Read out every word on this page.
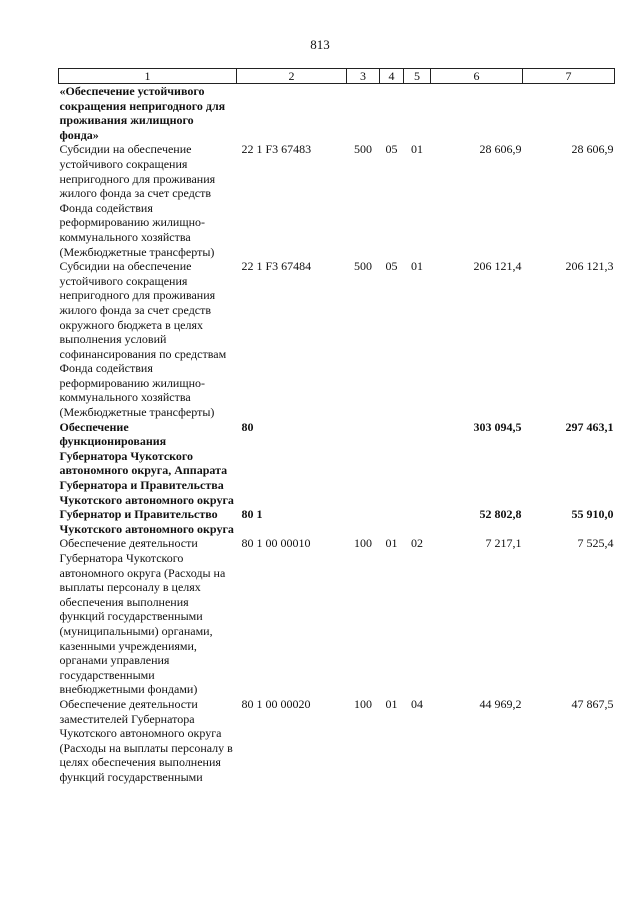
813
1	2	3	4	5	6	7
«Обеспечение устойчивого сокращения непригодного для проживания жилищного фонда»						
Субсидии на обеспечение устойчивого сокращения непригодного для проживания жилого фонда за счет средств Фонда содействия реформированию жилищно-коммунального хозяйства (Межбюджетные трансферты)	22 1 F3 67483	500	05	01	28 606,9	28 606,9
Субсидии на обеспечение устойчивого сокращения непригодного для проживания жилого фонда за счет средств окружного бюджета в целях выполнения условий софинансирования по средствам Фонда содействия реформированию жилищно-коммунального хозяйства (Межбюджетные трансферты)	22 1 F3 67484	500	05	01	206 121,4	206 121,3
Обеспечение функционирования Губернатора Чукотского автономного округа, Аппарата Губернатора и Правительства Чукотского автономного округа	80				303 094,5	297 463,1
Губернатор и Правительство Чукотского автономного округа	80 1				52 802,8	55 910,0
Обеспечение деятельности Губернатора Чукотского автономного округа (Расходы на выплаты персоналу в целях обеспечения выполнения функций государственными (муниципальными) органами, казенными учреждениями, органами управления государственными внебюджетными фондами)	80 1 00 00010	100	01	02	7 217,1	7 525,4
Обеспечение деятельности заместителей Губернатора Чукотского автономного округа (Расходы на выплаты персоналу в целях обеспечения выполнения функций государственными	80 1 00 00020	100	01	04	44 969,2	47 867,5
